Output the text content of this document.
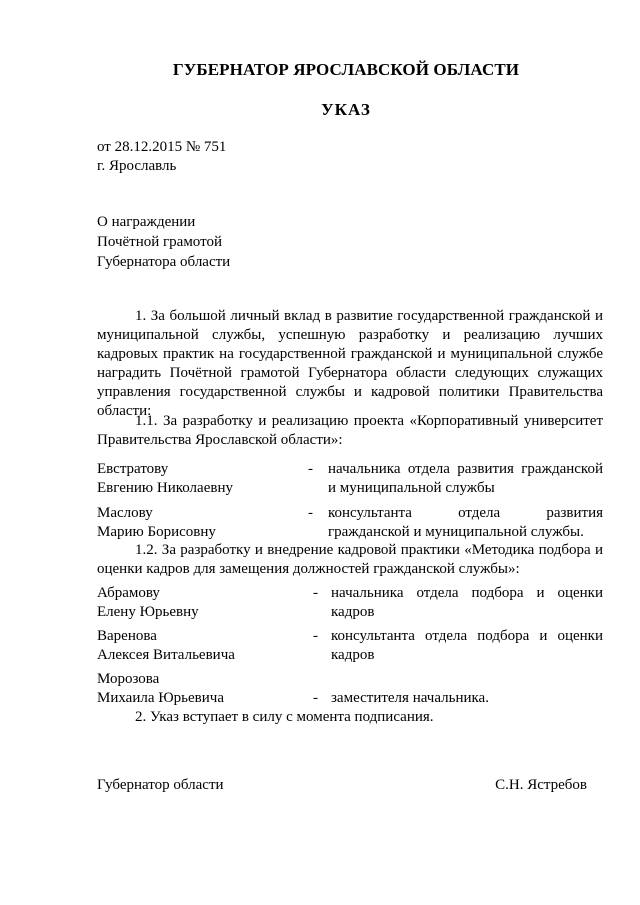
ГУБЕРНАТОР ЯРОСЛАВСКОЙ ОБЛАСТИ
УКАЗ
от 28.12.2015 № 751
г. Ярославль
О награждении
Почётной грамотой
Губернатора области
1. За большой личный вклад в развитие государственной гражданской и муниципальной службы, успешную разработку и реализацию лучших кадровых практик на государственной гражданской и муниципальной службе наградить Почётной грамотой Губернатора области следующих служащих управления государственной службы и кадровой политики Правительства области:
1.1. За разработку и реализацию проекта «Корпоративный университет Правительства Ярославской области»:
Евстратову
Евгению Николаевну
- начальника отдела развития гражданской
и муниципальной службы
Маслову
Марию Борисовну
- консультанта отдела развития
гражданской и муниципальной службы.
1.2. За разработку и внедрение кадровой практики «Методика подбора и оценки кадров для замещения должностей гражданской службы»:
Абрамову
Елену Юрьевну
- начальника отдела подбора и оценки
кадров
Варенова
Алексея Витальевича
- консультанта отдела подбора и оценки
кадров
Морозова
Михаила Юрьевича	- заместителя начальника.
2. Указ вступает в силу с момента подписания.
Губернатор области	С.Н. Ястребов
